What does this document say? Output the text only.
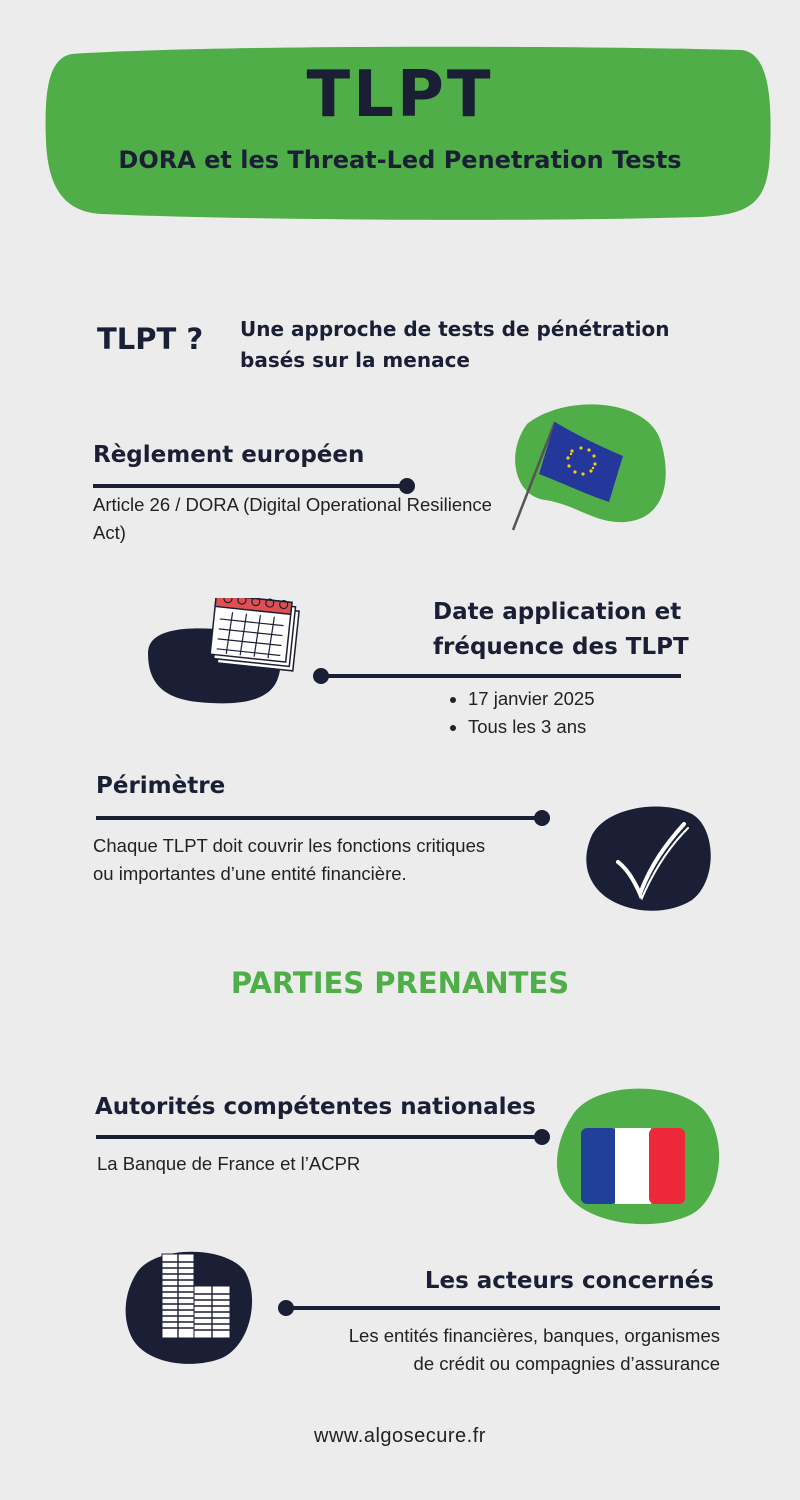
TLPT
DORA et les Threat-Led Penetration Tests
TLPT ? Une approche de tests de pénétration basés sur la menace
Règlement européen
Article 26 / DORA (Digital Operational Resilience Act)
Date application et
fréquence des TLPT
• 17 janvier 2025
• Tous les 3 ans
Périmètre
Chaque TLPT doit couvrir les fonctions critiques
ou importantes d’une entité financière.
PARTIES PRENANTES
Autorités compétentes nationales
La Banque de France et l’ACPR
Les acteurs concernés
Les entités financières, banques, organismes
de crédit ou compagnies d’assurance
www.algosecure.fr
